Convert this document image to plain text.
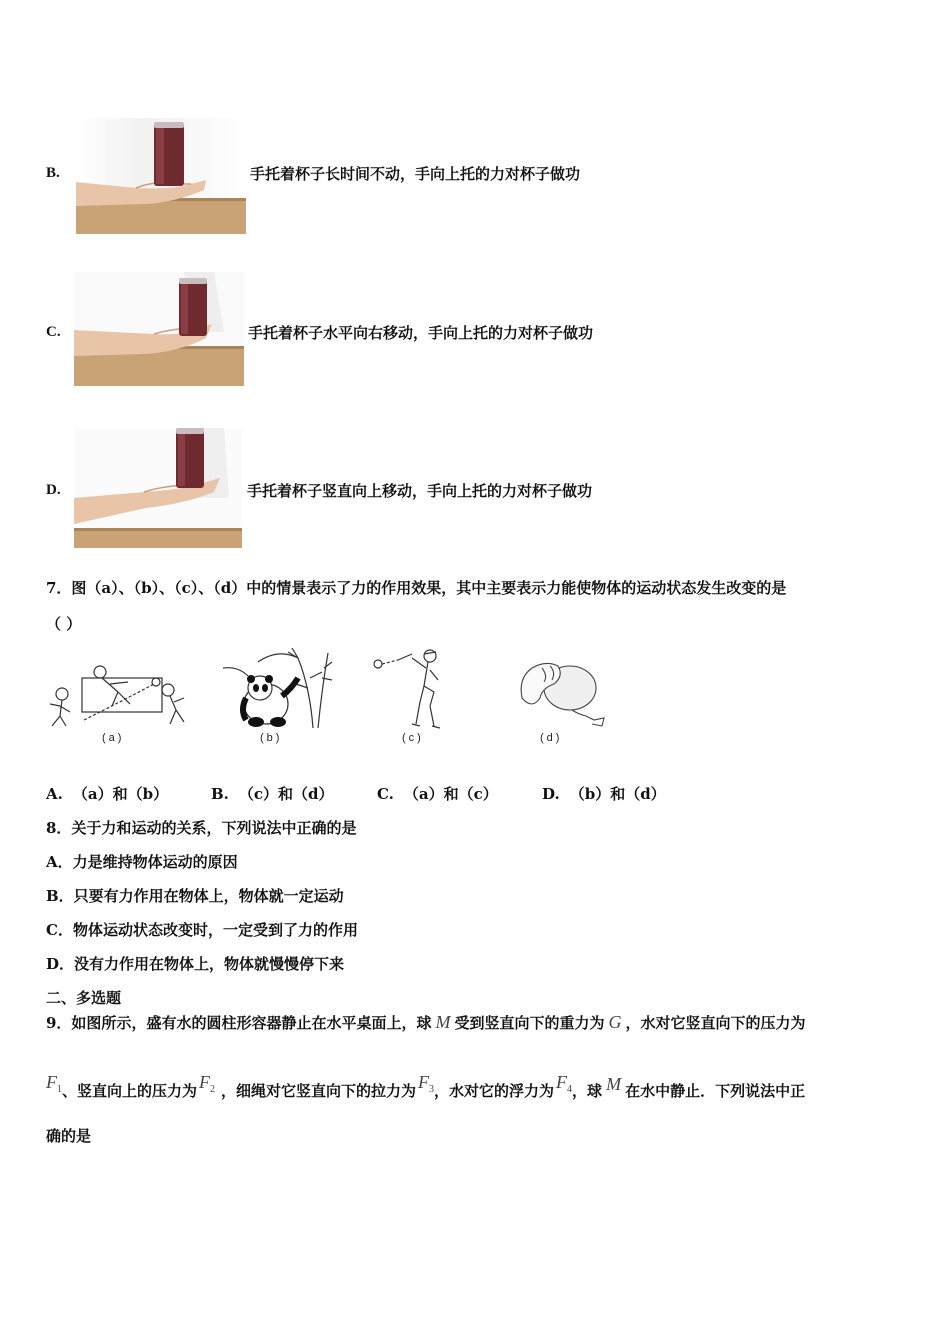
B.	手托着杯子长时间不动，手向上托的力对杯子做功
C.	手托着杯子水平向右移动，手向上托的力对杯子做功
D.	手托着杯子竖直向上移动，手向上托的力对杯子做功
7．图（a）、（b）、（c）、（d）中的情景表示了力的作用效果，其中主要表示力能使物体的运动状态发生改变的是
（ ）
(a)	(b)	(c)	(d)
A. （a）和（b）	B. （c）和（d）	C. （a）和（c）	D. （b）和（d）
8．关于力和运动的关系，下列说法中正确的是
A．力是维持物体运动的原因
B．只要有力作用在物体上，物体就一定运动
C．物体运动状态改变时，一定受到了力的作用
D．没有力作用在物体上，物体就慢慢停下来
二、多选题
9．如图所示，盛有水的圆柱形容器静止在水平桌面上，球 M 受到竖直向下的重力为 G ，水对它竖直向下的压力为
$F_1$、竖直向上的压力为 $F_2$ ，细绳对它竖直向下的拉力为 $F_3$，水对它的浮力为 $F_4$，球 M 在水中静止．下列说法中正
确的是
